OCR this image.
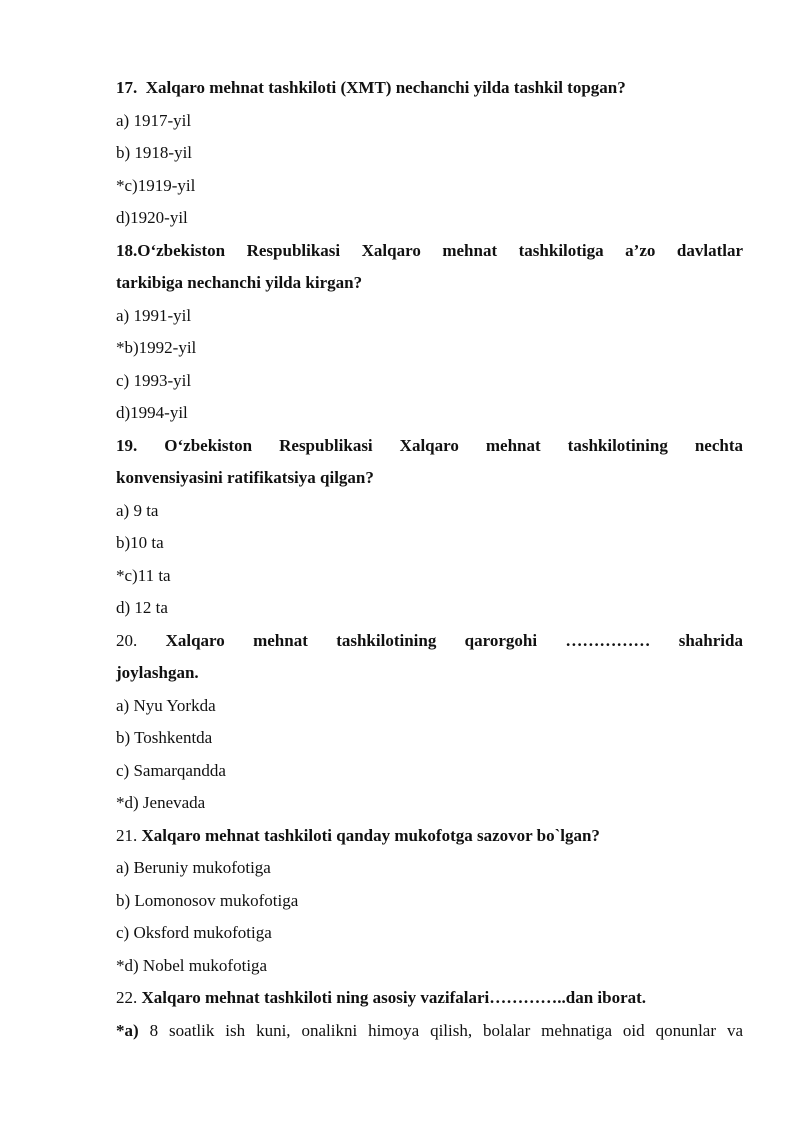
17. Xalqaro mehnat tashkiloti (XMT) nechanchi yilda tashkil topgan?
a) 1917-yil
b) 1918-yil
*c)1919-yil
d)1920-yil
18.O‘zbekiston Respublikasi Xalqaro mehnat tashkilotiga a’zo davlatlar
tarkibiga nechanchi yilda kirgan?
a) 1991-yil
*b)1992-yil
c) 1993-yil
d)1994-yil
19. O‘zbekiston Respublikasi Xalqaro mehnat tashkilotining nechta
konvensiyasini ratifikatsiya qilgan?
a) 9 ta
b)10 ta
*c)11 ta
d) 12 ta
20. Xalqaro mehnat tashkilotining qarorgohi …………… shahrida
joylashgan.
a) Nyu Yorkda
b) Toshkentda
c) Samarqandda
*d) Jenevada
21. Xalqaro mehnat tashkiloti qanday mukofotga sazovor bo`lgan?
a) Beruniy mukofotiga
b) Lomonosov mukofotiga
c) Oksford mukofotiga
*d) Nobel mukofotiga
22. Xalqaro mehnat tashkiloti ning asosiy vazifalari…………..dan iborat.
*a) 8 soatlik ish kuni, onalikni himoya qilish, bolalar mehnatiga oid qonunlar va
